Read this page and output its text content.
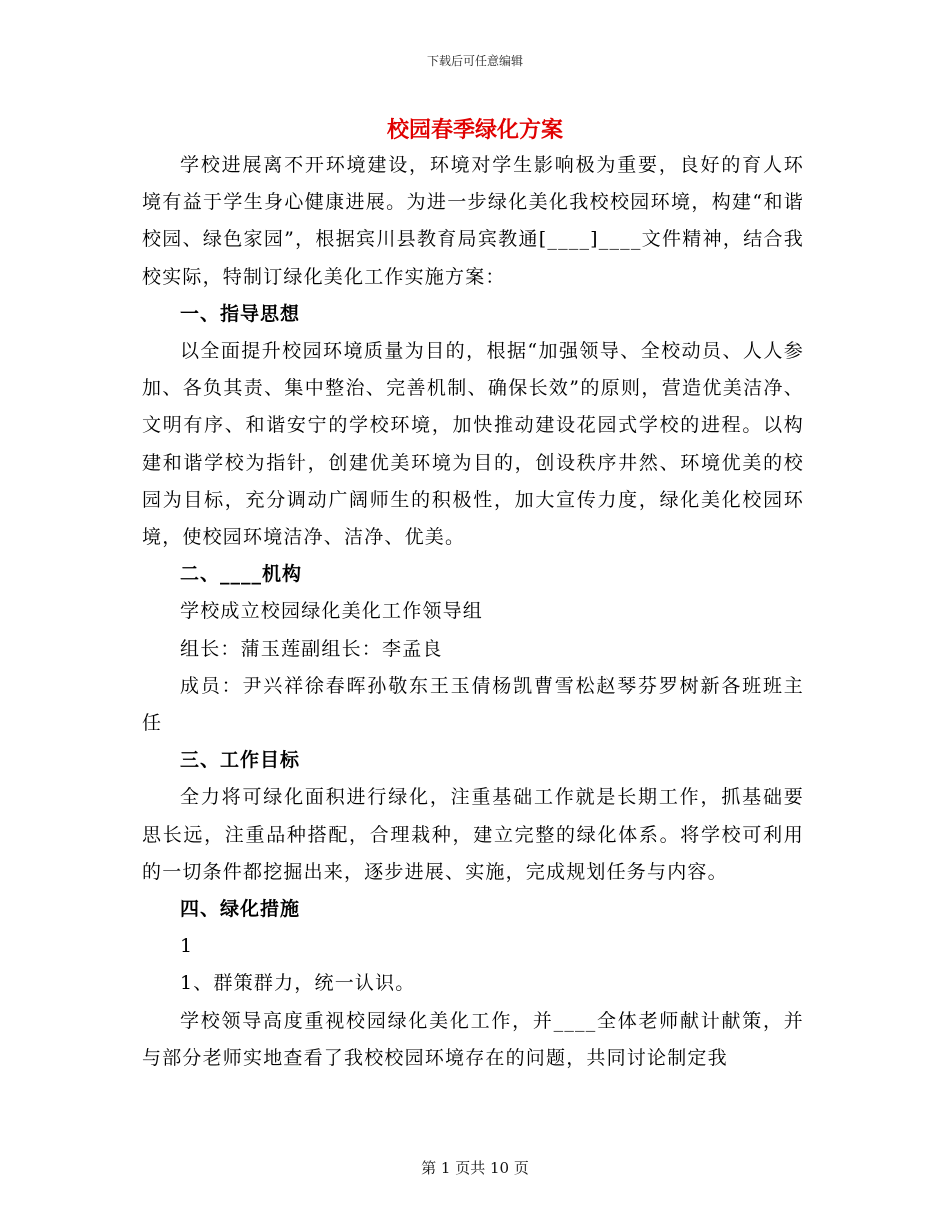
下载后可任意编辑
校园春季绿化方案

学校进展离不开环境建设，环境对学生影响极为重要，良好的育人环境有益于学生身心健康进展。为进一步绿化美化我校校园环境，构建“和谐校园、绿色家园”，根据宾川县教育局宾教通[____]____文件精神，结合我校实际，特制订绿化美化工作实施方案：

一、指导思想

以全面提升校园环境质量为目的，根据“加强领导、全校动员、人人参加、各负其责、集中整治、完善机制、确保长效”的原则，营造优美洁净、文明有序、和谐安宁的学校环境，加快推动建设花园式学校的进程。以构建和谐学校为指针，创建优美环境为目的，创设秩序井然、环境优美的校园为目标，充分调动广阔师生的积极性，加大宣传力度，绿化美化校园环境，使校园环境洁净、洁净、优美。

二、____机构

学校成立校园绿化美化工作领导组

组长：蒲玉莲副组长：李孟良

成员：尹兴祥徐春晖孙敬东王玉倩杨凯曹雪松赵琴芬罗树新各班班主任

三、工作目标

全力将可绿化面积进行绿化，注重基础工作就是长期工作，抓基础要思长远，注重品种搭配，合理栽种，建立完整的绿化体系。将学校可利用的一切条件都挖掘出来，逐步进展、实施，完成规划任务与内容。

四、绿化措施

1

1、群策群力，统一认识。

学校领导高度重视校园绿化美化工作，并____全体老师献计献策，并与部分老师实地查看了我校校园环境存在的问题，共同讨论制定我

第 1 页共 10 页
